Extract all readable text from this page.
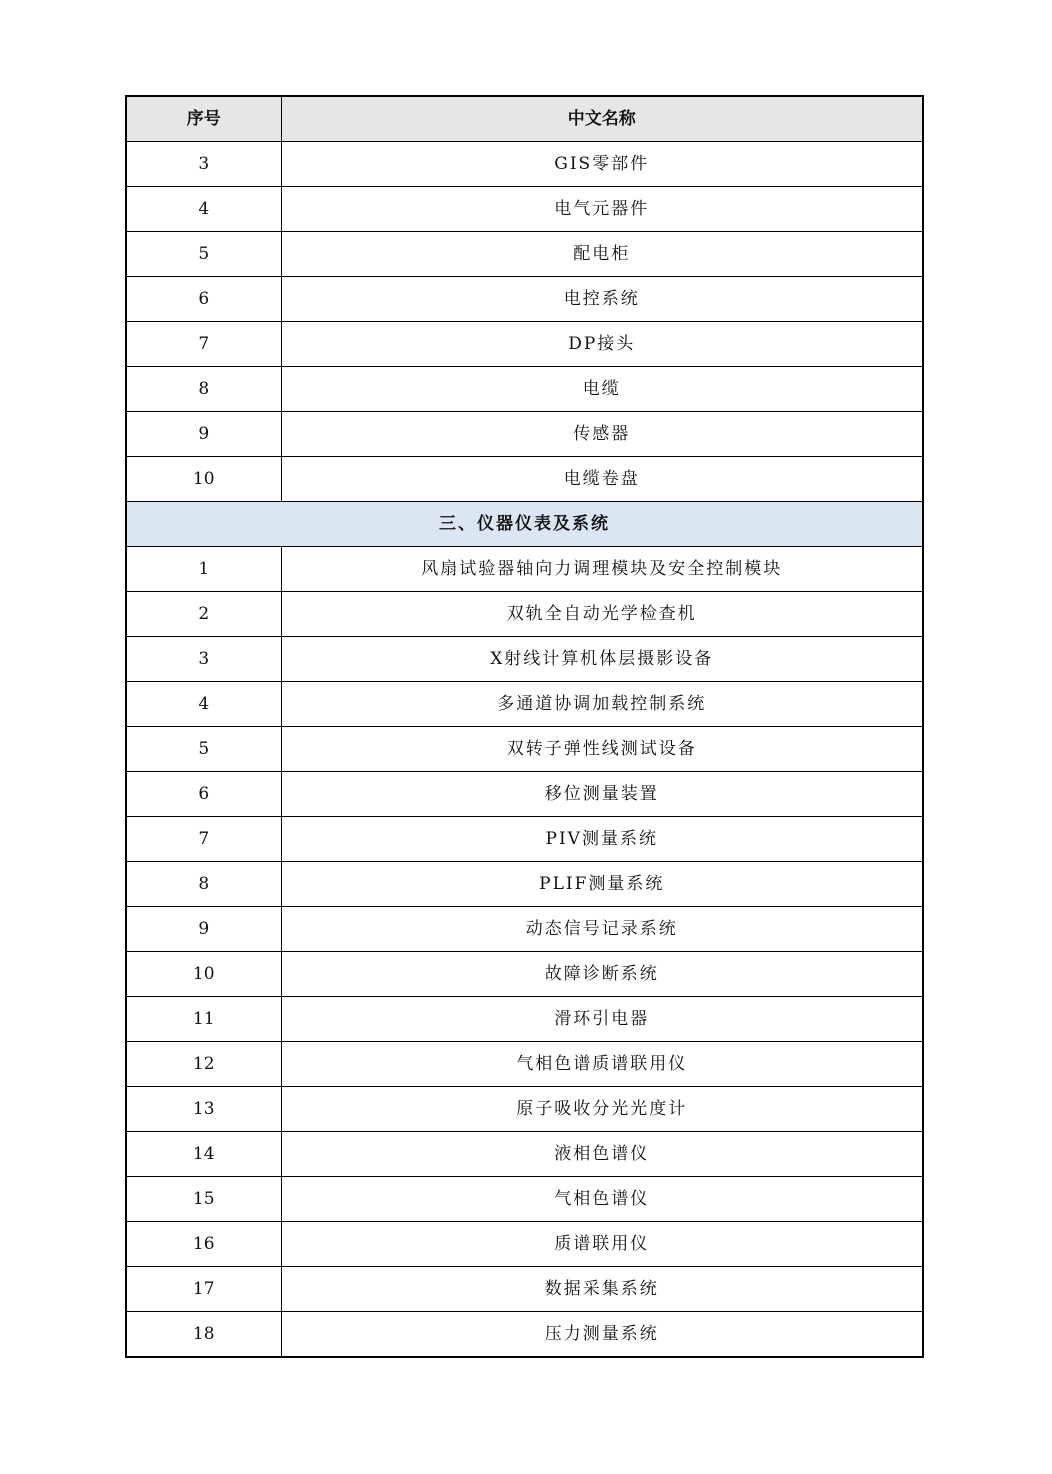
序号	中文名称
3	GIS零部件
4	电气元器件
5	配电柜
6	电控系统
7	DP接头
8	电缆
9	传感器
10	电缆卷盘
三、仪器仪表及系统	
1	风扇试验器轴向力调理模块及安全控制模块
2	双轨全自动光学检查机
3	X射线计算机体层摄影设备
4	多通道协调加载控制系统
5	双转子弹性线测试设备
6	移位测量装置
7	PIV测量系统
8	PLIF测量系统
9	动态信号记录系统
10	故障诊断系统
11	滑环引电器
12	气相色谱质谱联用仪
13	原子吸收分光光度计
14	液相色谱仪
15	气相色谱仪
16	质谱联用仪
17	数据采集系统
18	压力测量系统
